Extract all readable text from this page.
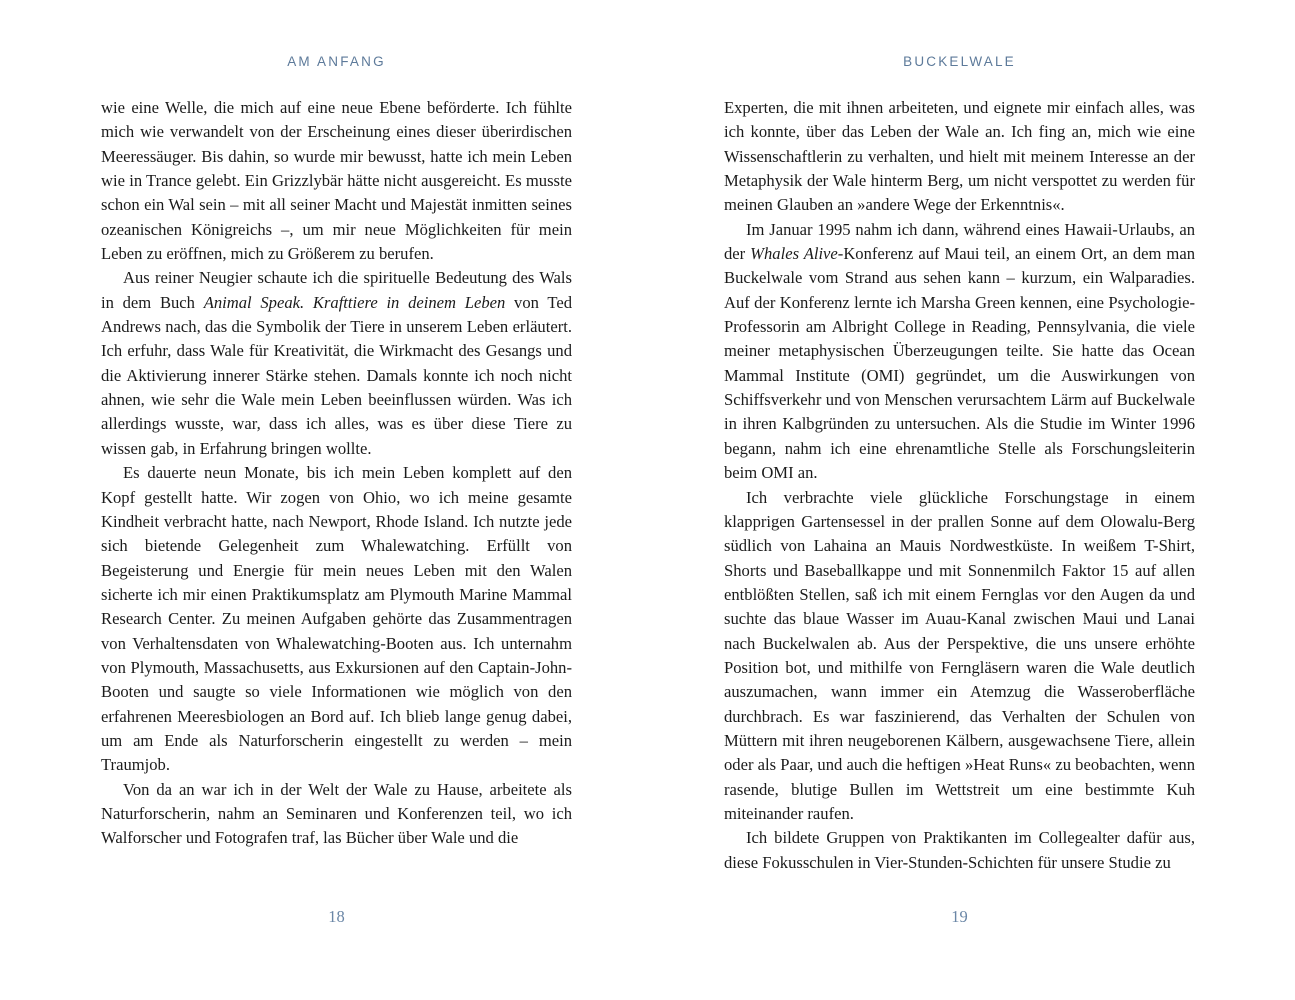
AM ANFANG

wie eine Welle, die mich auf eine neue Ebene beförderte. Ich fühlte mich wie verwandelt von der Erscheinung eines dieser überirdischen Meeressäuger. Bis dahin, so wurde mir bewusst, hatte ich mein Leben wie in Trance gelebt. Ein Grizzlybär hätte nicht ausgereicht. Es musste schon ein Wal sein – mit all seiner Macht und Majestät inmitten seines ozeanischen Königreichs –, um mir neue Möglichkeiten für mein Leben zu eröffnen, mich zu Größerem zu berufen.

Aus reiner Neugier schaute ich die spirituelle Bedeutung des Wals in dem Buch Animal Speak. Krafttiere in deinem Leben von Ted Andrews nach, das die Symbolik der Tiere in unserem Leben erläutert. Ich erfuhr, dass Wale für Kreativität, die Wirkmacht des Gesangs und die Aktivierung innerer Stärke stehen. Damals konnte ich noch nicht ahnen, wie sehr die Wale mein Leben beeinflussen würden. Was ich allerdings wusste, war, dass ich alles, was es über diese Tiere zu wissen gab, in Erfahrung bringen wollte.

Es dauerte neun Monate, bis ich mein Leben komplett auf den Kopf gestellt hatte. Wir zogen von Ohio, wo ich meine gesamte Kindheit verbracht hatte, nach Newport, Rhode Island. Ich nutzte jede sich bietende Gelegenheit zum Whalewatching. Erfüllt von Begeisterung und Energie für mein neues Leben mit den Walen sicherte ich mir einen Praktikumsplatz am Plymouth Marine Mammal Research Center. Zu meinen Aufgaben gehörte das Zusammentragen von Verhaltensdaten von Whalewatching-Booten aus. Ich unternahm von Plymouth, Massachusetts, aus Exkursionen auf den Captain-John-Booten und saugte so viele Informationen wie möglich von den erfahrenen Meeresbiologen an Bord auf. Ich blieb lange genug dabei, um am Ende als Naturforscherin eingestellt zu werden – mein Traumjob.

Von da an war ich in der Welt der Wale zu Hause, arbeitete als Naturforscherin, nahm an Seminaren und Konferenzen teil, wo ich Walforscher und Fotografen traf, las Bücher über Wale und die

18
BUCKELWALE

Experten, die mit ihnen arbeiteten, und eignete mir einfach alles, was ich konnte, über das Leben der Wale an. Ich fing an, mich wie eine Wissenschaftlerin zu verhalten, und hielt mit meinem Interesse an der Metaphysik der Wale hinterm Berg, um nicht verspottet zu werden für meinen Glauben an »andere Wege der Erkenntnis«.

Im Januar 1995 nahm ich dann, während eines Hawaii-Urlaubs, an der Whales Alive-Konferenz auf Maui teil, an einem Ort, an dem man Buckelwale vom Strand aus sehen kann – kurzum, ein Walparadies. Auf der Konferenz lernte ich Marsha Green kennen, eine Psychologie-Professorin am Albright College in Reading, Pennsylvania, die viele meiner metaphysischen Überzeugungen teilte. Sie hatte das Ocean Mammal Institute (OMI) gegründet, um die Auswirkungen von Schiffsverkehr und von Menschen verursachtem Lärm auf Buckelwale in ihren Kalbgründen zu untersuchen. Als die Studie im Winter 1996 begann, nahm ich eine ehrenamtliche Stelle als Forschungsleiterin beim OMI an.

Ich verbrachte viele glückliche Forschungstage in einem klapprigen Gartensessel in der prallen Sonne auf dem Olowalu-Berg südlich von Lahaina an Mauis Nordwestküste. In weißem T-Shirt, Shorts und Baseballkappe und mit Sonnenmilch Faktor 15 auf allen entblößten Stellen, saß ich mit einem Fernglas vor den Augen da und suchte das blaue Wasser im Auau-Kanal zwischen Maui und Lanai nach Buckelwalen ab. Aus der Perspektive, die uns unsere erhöhte Position bot, und mithilfe von Ferngläsern waren die Wale deutlich auszumachen, wann immer ein Atemzug die Wasseroberfläche durchbrach. Es war faszinierend, das Verhalten der Schulen von Müttern mit ihren neugeborenen Kälbern, ausgewachsene Tiere, allein oder als Paar, und auch die heftigen »Heat Runs« zu beobachten, wenn rasende, blutige Bullen im Wettstreit um eine bestimmte Kuh miteinander raufen.

Ich bildete Gruppen von Praktikanten im Collegealter dafür aus, diese Fokusschulen in Vier-Stunden-Schichten für unsere Studie zu

19
